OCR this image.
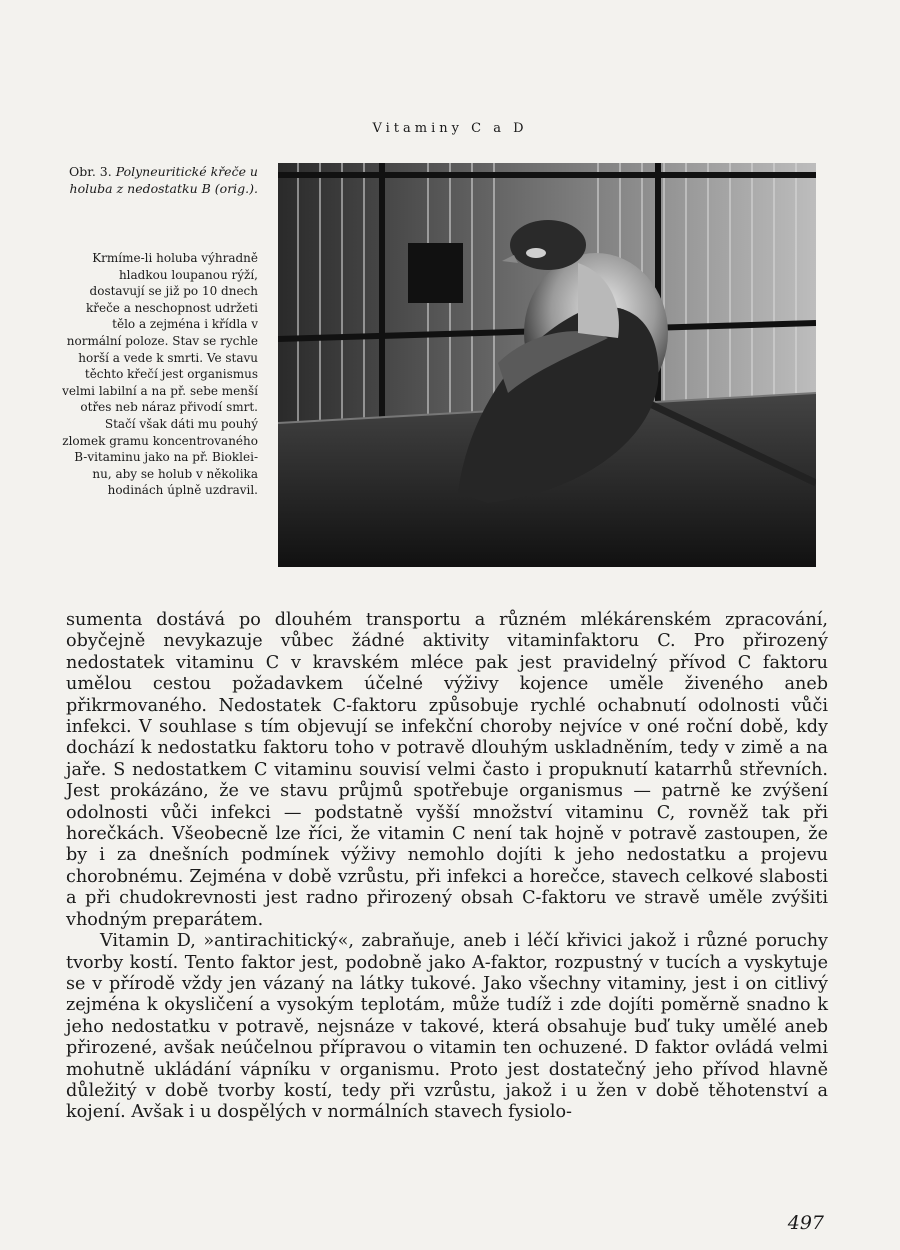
Vitaminy C a D
Obr. 3. Polyneuritické křeče u holuba z nedostatku B (orig.).
Krmíme-li holuba výhradně hladkou loupanou rýží, dostavují se již po 10 dnech křeče a neschopnost udržeti tělo a zejména i křídla v normální poloze. Stav se rychle horší a vede k smrti. Ve stavu těchto křečí jest organismus velmi labilní a na př. sebe menší otřes neb náraz přivodí smrt. Stačí však dáti mu pouhý zlomek gramu koncentrovaného B-vitaminu jako na př. Biokleinu, aby se holub v několika hodinách úplně uzdravil.

sumenta dostává po dlouhém transportu a různém mlékárenském zpracování, obyčejně nevykazuje vůbec žádné aktivity vitaminfaktoru C. Pro přirozený nedostatek vitaminu C v kravském mléce pak jest pravidelný přívod C faktoru umělou cestou požadavkem účelné výživy kojence uměle živeného aneb přikrmovaného. Nedostatek C-faktoru způsobuje rychlé ochabnutí odolnosti vůči infekci. V souhlase s tím objevují se infekční choroby nejvíce v oné roční době, kdy dochází k nedostatku faktoru toho v potravě dlouhým uskladněním, tedy v zimě a na jaře. S nedostatkem C vitaminu souvisí velmi často i propuknutí katarrhů střevních. Jest prokázáno, že ve stavu průjmů spotřebuje organismus — patrně ke zvýšení odolnosti vůči infekci — podstatně vyšší množství vitaminu C, rovněž tak při horečkách. Všeobecně lze říci, že vitamin C není tak hojně v potravě zastoupen, že by i za dnešních podmínek výživy nemohlo dojíti k jeho nedostatku a projevu chorobnému. Zejména v době vzrůstu, při infekci a horečce, stavech celkové slabosti a při chudokrevnosti jest radno přirozený obsah C-faktoru ve stravě uměle zvýšiti vhodným preparátem.

Vitamin D, »antirachitický«, zabraňuje, aneb i léčí křivici jakož i různé poruchy tvorby kostí. Tento faktor jest, podobně jako A-faktor, rozpustný v tucích a vyskytuje se v přírodě vždy jen vázaný na látky tukové. Jako všechny vitaminy, jest i on citlivý zejména k okysličení a vysokým teplotám, může tudíž i zde dojíti poměrně snadno k jeho nedostatku v potravě, nejsnáze v takové, která obsahuje buď tuky umělé aneb přirozené, avšak neúčelnou přípravou o vitamin ten ochuzené. D faktor ovládá velmi mohutně ukládání vápníku v organismu. Proto jest dostatečný jeho přívod hlavně důležitý v době tvorby kostí, tedy při vzrůstu, jakož i u žen v době těhotenství a kojení. Avšak i u dospělých v normálních stavech fysiolo-

497
